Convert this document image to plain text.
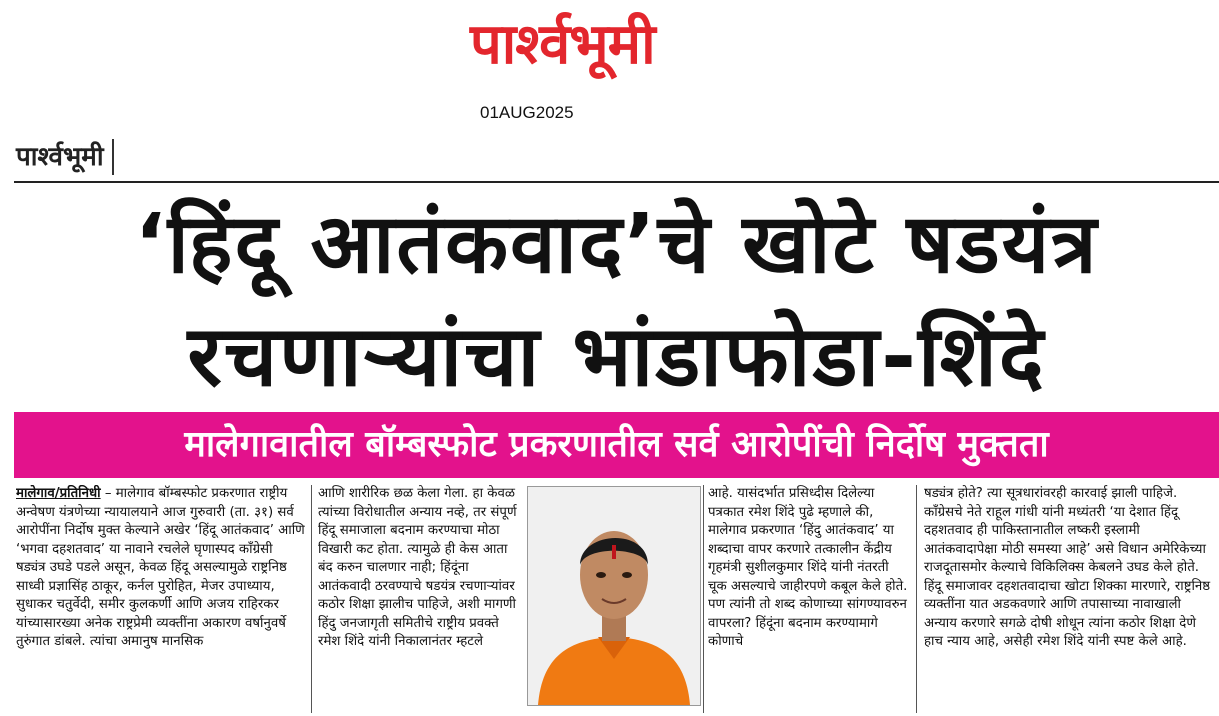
पार्श्वभूमी
01AUG2025
पार्श्वभूमी
‘हिंदू आतंकवाद’चे खोटे षडयंत्र
रचणाऱ्यांचा भांडाफोडा-शिंदे
मालेगावातील बॉम्बस्फोट प्रकरणातील सर्व आरोपींची निर्दोष मुक्तता

मालेगाव/प्रतिनिधी – मालेगाव बॉम्बस्फोट प्रकरणात राष्ट्रीय अन्वेषण यंत्रणेच्या न्यायालयाने आज गुरुवारी (ता. ३१) सर्व आरोपींना निर्दोष मुक्त केल्याने अखेर ‘हिंदू आतंकवाद’ आणि ‘भगवा दहशतवाद’ या नावाने रचलेले घृणास्पद कॉंग्रेसी षड्यंत्र उघडे पडले असून, केवळ हिंदू असल्यामुळे राष्ट्रनिष्ठ साध्वी प्रज्ञासिंह ठाकूर, कर्नल पुरोहित, मेजर उपाध्याय, सुधाकर चतुर्वेदी, समीर कुलकर्णी आणि अजय राहिरकर यांच्यासारख्या अनेक राष्ट्रप्रेमी व्यक्तींना अकारण वर्षानुवर्षे तुरुंगात डांबले. त्यांचा अमानुष मानसिक

आणि शारीरिक छळ केला गेला. हा केवळ त्यांच्या विरोधातील अन्याय नव्हे, तर संपूर्ण हिंदू समाजाला बदनाम करण्याचा मोठा विखारी कट होता. त्यामुळे ही केस आता बंद करुन चालणार नाही; हिंदूंना आतंकवादी ठरवण्याचे षडयंत्र रचणाऱ्यांवर कठोर शिक्षा झालीच पाहिजे, अशी मागणी हिंदु जनजागृती समितीचे राष्ट्रीय प्रवक्ते रमेश शिंदे यांनी निकालानंतर म्हटले

आहे. यासंदर्भात प्रसिध्दीस दिलेल्या पत्रकात रमेश शिंदे पुढे म्हणाले की, मालेगाव प्रकरणात ‘हिंदु आतंकवाद’ या शब्दाचा वापर करणारे तत्कालीन केंद्रीय गृहमंत्री सुशीलकुमार शिंदे यांनी नंतरती चूक असल्याचे जाहीरपणे कबूल केले होते. पण त्यांनी तो शब्द कोणाच्या सांगण्यावरुन वापरला? हिंदूंना बदनाम करण्यामागे कोणाचे

षड्यंत्र होते? त्या सूत्रधारांवरही कारवाई झाली पाहिजे. कॉंग्रेसचे नेते राहूल गांधी यांनी मध्यंतरी ‘या देशात हिंदू दहशतवाद ही पाकिस्तानातील लष्करी इस्लामी आतंकवादापेक्षा मोठी समस्या आहे’ असे विधान अमेरिकेच्या राजदूतासमोर केल्याचे विकिलिक्स केबलने उघड केले होते. हिंदू समाजावर दहशतवादाचा खोटा शिक्का मारणारे, राष्ट्रनिष्ठ व्यक्तींना यात अडकवणारे आणि तपासाच्या नावाखाली अन्याय करणारे सगळे दोषी शोधून त्यांना कठोर शिक्षा देणे हाच न्याय आहे, असेही रमेश शिंदे यांनी स्पष्ट केले आहे.
